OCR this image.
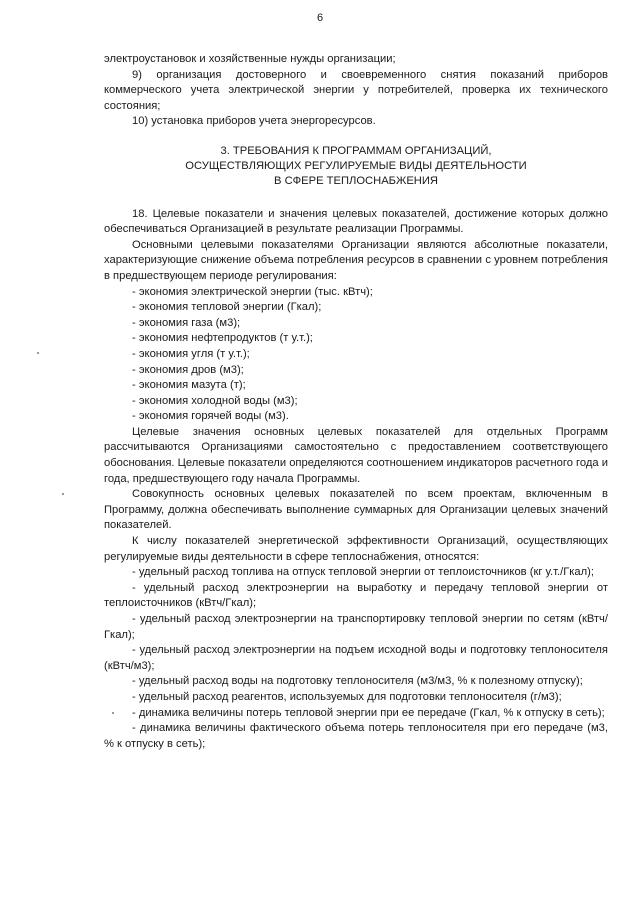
6

электроустановок и хозяйственные нужды организации;

9) организация достоверного и своевременного снятия показаний приборов коммерческого учета электрической энергии у потребителей, проверка их технического состояния;

10) установка приборов учета энергоресурсов.

3. ТРЕБОВАНИЯ К ПРОГРАММАМ ОРГАНИЗАЦИЙ,
ОСУЩЕСТВЛЯЮЩИХ РЕГУЛИРУЕМЫЕ ВИДЫ ДЕЯТЕЛЬНОСТИ
В СФЕРЕ ТЕПЛОСНАБЖЕНИЯ

18. Целевые показатели и значения целевых показателей, достижение которых должно обеспечиваться Организацией в результате реализации Программы.

Основными целевыми показателями Организации являются абсолютные показатели, характеризующие снижение объема потребления ресурсов в сравнении с уровнем потребления в предшествующем периоде регулирования:

- экономия электрической энергии (тыс. кВтч);

- экономия тепловой энергии (Гкал);

- экономия газа (м3);

- экономия нефтепродуктов (т у.т.);

- экономия угля (т у.т.);

- экономия дров (м3);

- экономия мазута (т);

- экономия холодной воды (м3);

- экономия горячей воды (м3).

Целевые значения основных целевых показателей для отдельных Программ рассчитываются Организациями самостоятельно с предоставлением соответствующего обоснования. Целевые показатели определяются соотношением индикаторов расчетного года и года, предшествующего году начала Программы.

Совокупность основных целевых показателей по всем проектам, включенным в Программу, должна обеспечивать выполнение суммарных для Организации целевых значений показателей.

К числу показателей энергетической эффективности Организаций, осуществляющих регулируемые виды деятельности в сфере теплоснабжения, относятся:

- удельный расход топлива на отпуск тепловой энергии от теплоисточников (кг у.т./Гкал);

- удельный расход электроэнергии на выработку и передачу тепловой энергии от теплоисточников (кВтч/Гкал);

- удельный расход электроэнергии на транспортировку тепловой энергии по сетям (кВтч/Гкал);

- удельный расход электроэнергии на подъем исходной воды и подготовку теплоносителя (кВтч/м3);

- удельный расход воды на подготовку теплоносителя (м3/м3, % к полезному отпуску);

- удельный расход реагентов, используемых для подготовки теплоносителя (г/м3);

- динамика величины потерь тепловой энергии при ее передаче (Гкал, % к отпуску в сеть);

- динамика величины фактического объема потерь теплоносителя при его передаче (м3, % к отпуску в сеть);
